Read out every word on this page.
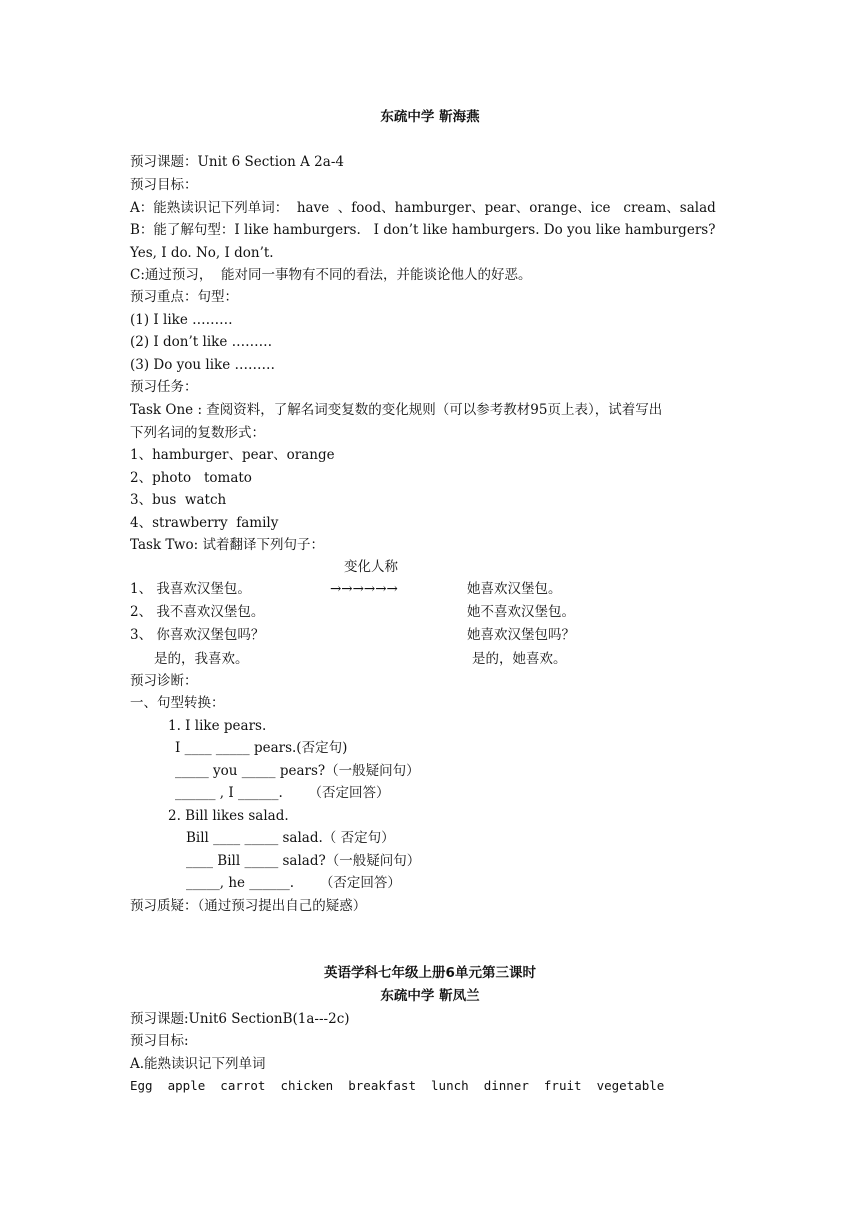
东疏中学 靳海燕
预习课题：Unit 6 Section A 2a-4
预习目标：
A：能熟读识记下列单词：  have  、food、hamburger、pear、orange、ice   cream、salad
B：能了解句型：I like hamburgers.   I don’t like hamburgers. Do you like hamburgers?
Yes, I do. No, I don’t.
C:通过预习，  能对同一事物有不同的看法，并能谈论他人的好恶。
预习重点：句型：
(1) I like ………
(2) I don’t like ………
(3) Do you like ………
预习任务：
Task One : 查阅资料，了解名词变复数的变化规则（可以参考教材95页上表），试着写出
下列名词的复数形式：
1、hamburger、pear、orange
2、photo   tomato
3、bus  watch
4、strawberry  family
Task Two: 试着翻译下列句子：
变化人称
1、 我喜欢汉堡包。	→→→→→→	她喜欢汉堡包。
2、 我不喜欢汉堡包。	她不喜欢汉堡包。
3、 你喜欢汉堡包吗？	她喜欢汉堡包吗？
是的，我喜欢。	是的，她喜欢。
预习诊断：
一、句型转换：
1. I like pears.
I ____ _____ pears.(否定句)
_____ you _____ pears?（一般疑问句）
______ , I ______.      （否定回答）
2. Bill likes salad.
Bill ____ _____ salad.（ 否定句）
____ Bill _____ salad?（一般疑问句）
_____, he ______.      （否定回答）
预习质疑：（通过预习提出自己的疑惑）
英语学科七年级上册6单元第三课时
东疏中学 靳凤兰
预习课题:Unit6 SectionB(1a---2c)
预习目标:
A.能熟读识记下列单词
Egg  apple  carrot  chicken  breakfast  lunch  dinner  fruit  vegetable
